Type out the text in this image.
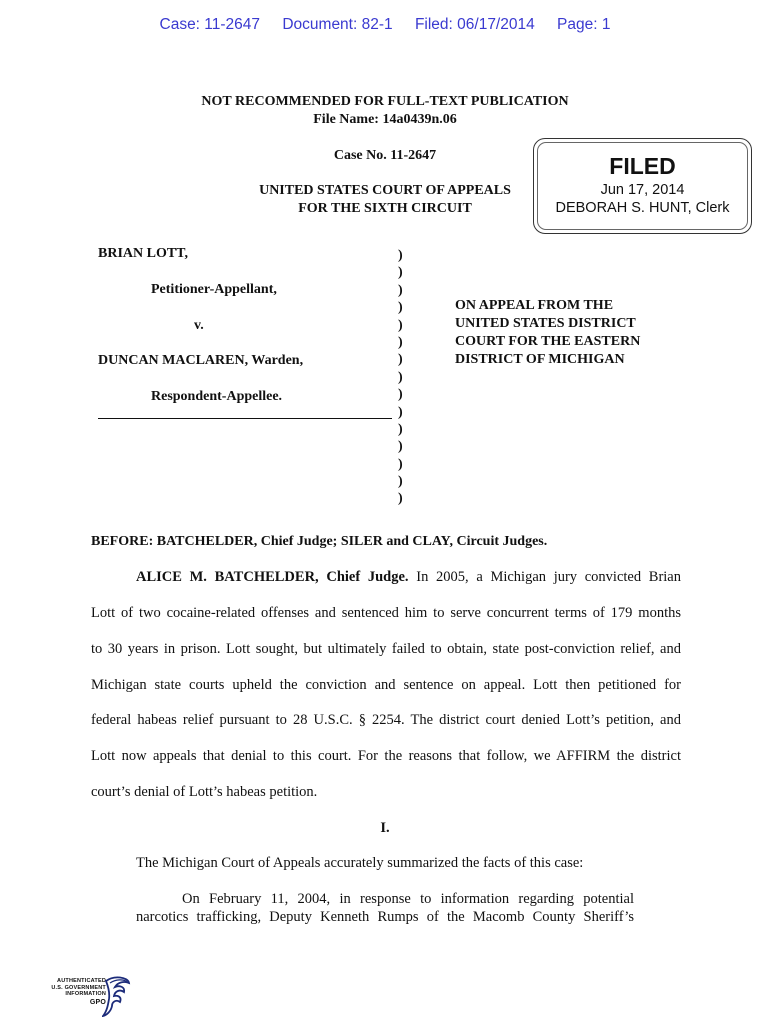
Case: 11-2647 Document: 82-1 Filed: 06/17/2014 Page: 1
NOT RECOMMENDED FOR FULL-TEXT PUBLICATION
File Name: 14a0439n.06
Case No. 11-2647
UNITED STATES COURT OF APPEALS
FOR THE SIXTH CIRCUIT
FILED
Jun 17, 2014
DEBORAH S. HUNT, Clerk
BRIAN LOTT,
Petitioner-Appellant,
v.
DUNCAN MACLAREN, Warden,
Respondent-Appellee.
)
)
)
)
)
)
)
)
)
)
)
)
)
)
)
ON APPEAL FROM THE
UNITED STATES DISTRICT
COURT FOR THE EASTERN
DISTRICT OF MICHIGAN
BEFORE: BATCHELDER, Chief Judge; SILER and CLAY, Circuit Judges.
ALICE M. BATCHELDER, Chief Judge. In 2005, a Michigan jury convicted Brian
Lott of two cocaine-related offenses and sentenced him to serve concurrent terms of 179 months
to 30 years in prison. Lott sought, but ultimately failed to obtain, state post-conviction relief, and
Michigan state courts upheld the conviction and sentence on appeal. Lott then petitioned for
federal habeas relief pursuant to 28 U.S.C. § 2254. The district court denied Lott’s petition, and
Lott now appeals that denial to this court. For the reasons that follow, we AFFIRM the district
court’s denial of Lott’s habeas petition.
I.
The Michigan Court of Appeals accurately summarized the facts of this case:
On February 11, 2004, in response to information regarding potential
narcotics trafficking, Deputy Kenneth Rumps of the Macomb County Sheriff’s
AUTHENTICATED
U.S. GOVERNMENT
INFORMATION
GPO
